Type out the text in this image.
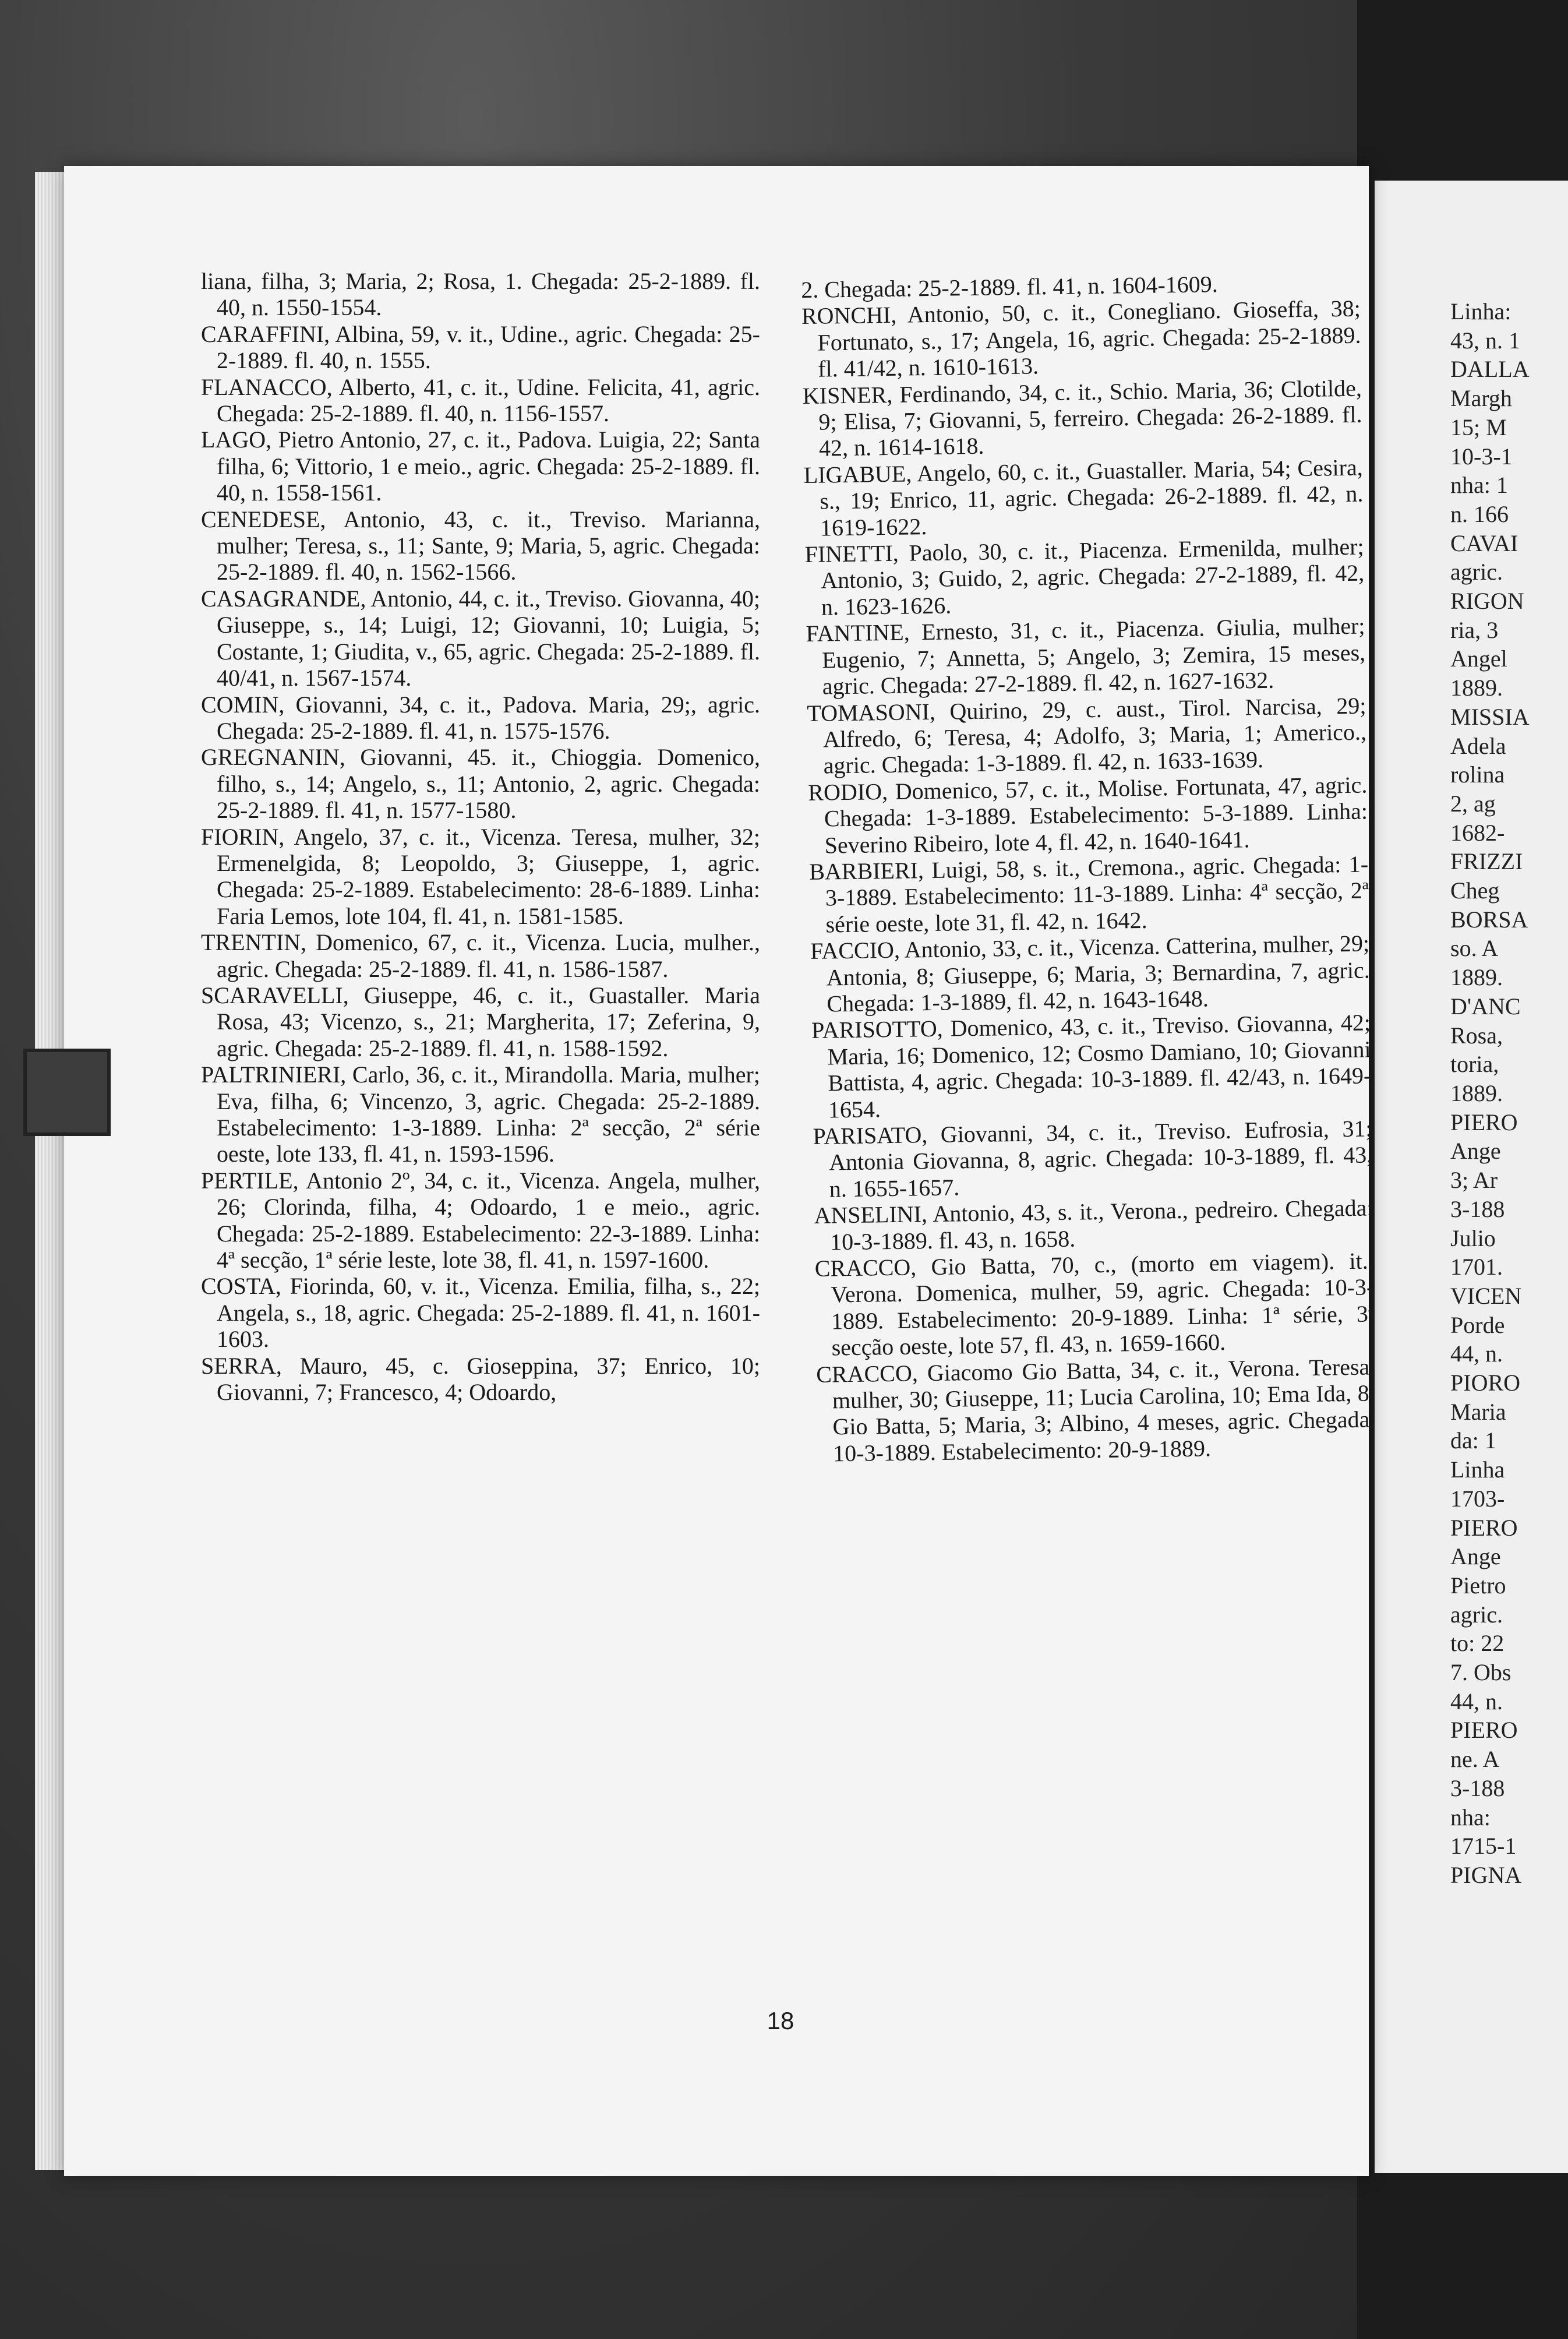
Linha:
43, n. 1
DALLA
Margh
15; M
10-3-1
nha: 1
n. 166
CAVAI
agric.
RIGON
ria, 3
Angel
1889.
MISSIA
Adela
rolina
2, ag
1682-
FRIZZI
Cheg
BORSA
so. A
1889.
D'ANC
Rosa,
toria,
1889.
PIERO
Ange
3; Ar
3-188
Julio
1701.
VICEN
Porde
44, n.
PIORO
Maria
da: 1
Linha
1703-
PIERO
Ange
Pietro
agric.
to: 22
7. Obs
44, n.
PIERO
ne. A
3-188
nha:
1715-1
PIGNA
liana, filha, 3; Maria, 2; Rosa, 1. Chegada: 25-2-1889. fl. 40, n. 1550-1554.
CARAFFINI, Albina, 59, v. it., Udine., agric. Chegada: 25-2-1889. fl. 40, n. 1555.
FLANACCO, Alberto, 41, c. it., Udine. Felicita, 41, agric. Chegada: 25-2-1889. fl. 40, n. 1156-1557.
LAGO, Pietro Antonio, 27, c. it., Padova. Luigia, 22; Santa filha, 6; Vittorio, 1 e meio., agric. Chegada: 25-2-1889. fl. 40, n. 1558-1561.
CENEDESE, Antonio, 43, c. it., Treviso. Marianna, mulher; Teresa, s., 11; Sante, 9; Maria, 5, agric. Chegada: 25-2-1889. fl. 40, n. 1562-1566.
CASAGRANDE, Antonio, 44, c. it., Treviso. Giovanna, 40; Giuseppe, s., 14; Luigi, 12; Giovanni, 10; Luigia, 5; Costante, 1; Giudita, v., 65, agric. Chegada: 25-2-1889. fl. 40/41, n. 1567-1574.
COMIN, Giovanni, 34, c. it., Padova. Maria, 29;, agric. Chegada: 25-2-1889. fl. 41, n. 1575-1576.
GREGNANIN, Giovanni, 45. it., Chioggia. Domenico, filho, s., 14; Angelo, s., 11; Antonio, 2, agric. Chegada: 25-2-1889. fl. 41, n. 1577-1580.
FIORIN, Angelo, 37, c. it., Vicenza. Teresa, mulher, 32; Ermenelgida, 8; Leopoldo, 3; Giuseppe, 1, agric. Chegada: 25-2-1889. Estabelecimento: 28-6-1889. Linha: Faria Lemos, lote 104, fl. 41, n. 1581-1585.
TRENTIN, Domenico, 67, c. it., Vicenza. Lucia, mulher., agric. Chegada: 25-2-1889. fl. 41, n. 1586-1587.
SCARAVELLI, Giuseppe, 46, c. it., Guastaller. Maria Rosa, 43; Vicenzo, s., 21; Margherita, 17; Zeferina, 9, agric. Chegada: 25-2-1889. fl. 41, n. 1588-1592.
PALTRINIERI, Carlo, 36, c. it., Mirandolla. Maria, mulher; Eva, filha, 6; Vincenzo, 3, agric. Chegada: 25-2-1889. Estabelecimento: 1-3-1889. Linha: 2ª secção, 2ª série oeste, lote 133, fl. 41, n. 1593-1596.
PERTILE, Antonio 2º, 34, c. it., Vicenza. Angela, mulher, 26; Clorinda, filha, 4; Odoardo, 1 e meio., agric. Chegada: 25-2-1889. Estabelecimento: 22-3-1889. Linha: 4ª secção, 1ª série leste, lote 38, fl. 41, n. 1597-1600.
COSTA, Fiorinda, 60, v. it., Vicenza. Emilia, filha, s., 22; Angela, s., 18, agric. Chegada: 25-2-1889. fl. 41, n. 1601-1603.
SERRA, Mauro, 45, c. Gioseppina, 37; Enrico, 10; Giovanni, 7; Francesco, 4; Odoardo,
2. Chegada: 25-2-1889. fl. 41, n. 1604-1609.
RONCHI, Antonio, 50, c. it., Conegliano. Gioseffa, 38; Fortunato, s., 17; Angela, 16, agric. Chegada: 25-2-1889. fl. 41/42, n. 1610-1613.
KISNER, Ferdinando, 34, c. it., Schio. Maria, 36; Clotilde, 9; Elisa, 7; Giovanni, 5, ferreiro. Chegada: 26-2-1889. fl. 42, n. 1614-1618.
LIGABUE, Angelo, 60, c. it., Guastaller. Maria, 54; Cesira, s., 19; Enrico, 11, agric. Chegada: 26-2-1889. fl. 42, n. 1619-1622.
FINETTI, Paolo, 30, c. it., Piacenza. Ermenilda, mulher; Antonio, 3; Guido, 2, agric. Chegada: 27-2-1889, fl. 42, n. 1623-1626.
FANTINE, Ernesto, 31, c. it., Piacenza. Giulia, mulher; Eugenio, 7; Annetta, 5; Angelo, 3; Zemira, 15 meses, agric. Chegada: 27-2-1889. fl. 42, n. 1627-1632.
TOMASONI, Quirino, 29, c. aust., Tirol. Narcisa, 29; Alfredo, 6; Teresa, 4; Adolfo, 3; Maria, 1; Americo., agric. Chegada: 1-3-1889. fl. 42, n. 1633-1639.
RODIO, Domenico, 57, c. it., Molise. Fortunata, 47, agric. Chegada: 1-3-1889. Estabelecimento: 5-3-1889. Linha: Severino Ribeiro, lote 4, fl. 42, n. 1640-1641.
BARBIERI, Luigi, 58, s. it., Cremona., agric. Chegada: 1-3-1889. Estabelecimento: 11-3-1889. Linha: 4ª secção, 2ª série oeste, lote 31, fl. 42, n. 1642.
FACCIO, Antonio, 33, c. it., Vicenza. Catterina, mulher, 29; Antonia, 8; Giuseppe, 6; Maria, 3; Bernardina, 7, agric. Chegada: 1-3-1889, fl. 42, n. 1643-1648.
PARISOTTO, Domenico, 43, c. it., Treviso. Giovanna, 42; Maria, 16; Domenico, 12; Cosmo Damiano, 10; Giovanni Battista, 4, agric. Chegada: 10-3-1889. fl. 42/43, n. 1649-1654.
PARISATO, Giovanni, 34, c. it., Treviso. Eufrosia, 31; Antonia Giovanna, 8, agric. Chegada: 10-3-1889, fl. 43, n. 1655-1657.
ANSELINI, Antonio, 43, s. it., Verona., pedreiro. Chegada: 10-3-1889. fl. 43, n. 1658.
CRACCO, Gio Batta, 70, c., (morto em viagem). it., Verona. Domenica, mulher, 59, agric. Chegada: 10-3-1889. Estabelecimento: 20-9-1889. Linha: 1ª série, 3ª secção oeste, lote 57, fl. 43, n. 1659-1660.
CRACCO, Giacomo Gio Batta, 34, c. it., Verona. Teresa, mulher, 30; Giuseppe, 11; Lucia Carolina, 10; Ema Ida, 8; Gio Batta, 5; Maria, 3; Albino, 4 meses, agric. Chegada: 10-3-1889. Estabelecimento: 20-9-1889.
18
